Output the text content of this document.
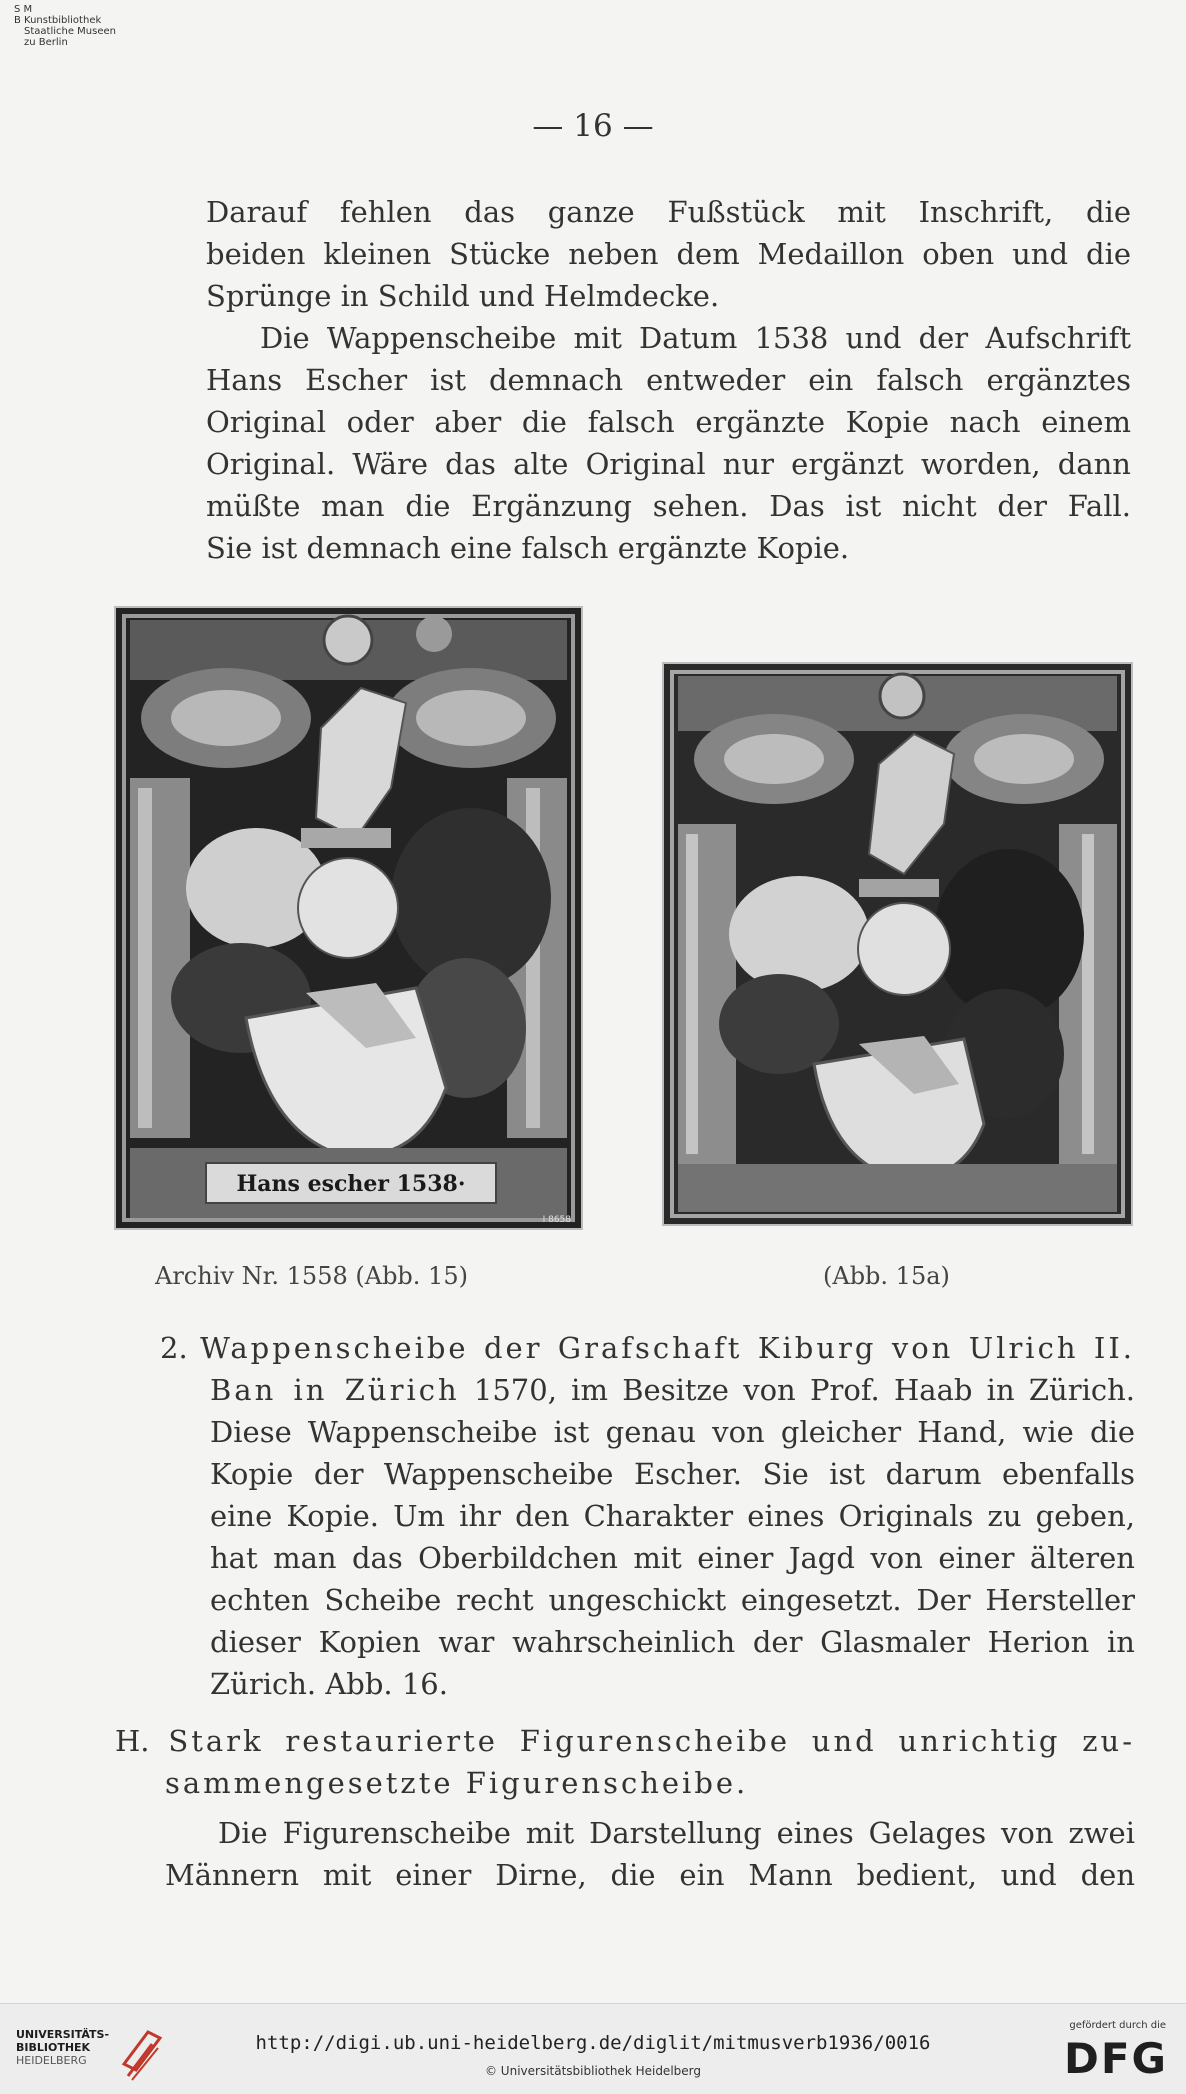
S M
B Kunstbibliothek
Staatliche Museen
zu Berlin
— 16 —
Darauf fehlen das ganze Fußstück mit Inschrift, die
beiden kleinen Stücke neben dem Medaillon oben und die
Sprünge in Schild und Helmdecke.
Die Wappenscheibe mit Datum 1538 und der Aufschrift
Hans Escher ist demnach entweder ein falsch ergänztes
Original oder aber die falsch ergänzte Kopie nach einem
Original. Wäre das alte Original nur ergänzt worden, dann
müßte man die Ergänzung sehen. Das ist nicht der Fall.
Sie ist demnach eine falsch ergänzte Kopie.
Hans escher 1538·
I 8658
Archiv Nr. 1558 (Abb. 15)	(Abb. 15a)
2. Wappenscheibe der Grafschaft Kiburg von Ulrich II.
Ban in Zürich 1570, im Besitze von Prof. Haab in Zürich.
Diese Wappenscheibe ist genau von gleicher Hand, wie die
Kopie der Wappenscheibe Escher. Sie ist darum ebenfalls
eine Kopie. Um ihr den Charakter eines Originals zu geben,
hat man das Oberbildchen mit einer Jagd von einer älteren
echten Scheibe recht ungeschickt eingesetzt. Der Hersteller
dieser Kopien war wahrscheinlich der Glasmaler Herion in
Zürich. Abb. 16.
H. Stark restaurierte Figurenscheibe und unrichtig zu-
sammengesetzte Figurenscheibe.
Die Figurenscheibe mit Darstellung eines Gelages von zwei
Männern mit einer Dirne, die ein Mann bedient, und den
UNIVERSITÄTS-
BIBLIOTHEK
HEIDELBERG
http://digi.ub.uni-heidelberg.de/diglit/mitmusverb1936/0016
© Universitätsbibliothek Heidelberg
gefördert durch die
DFG
